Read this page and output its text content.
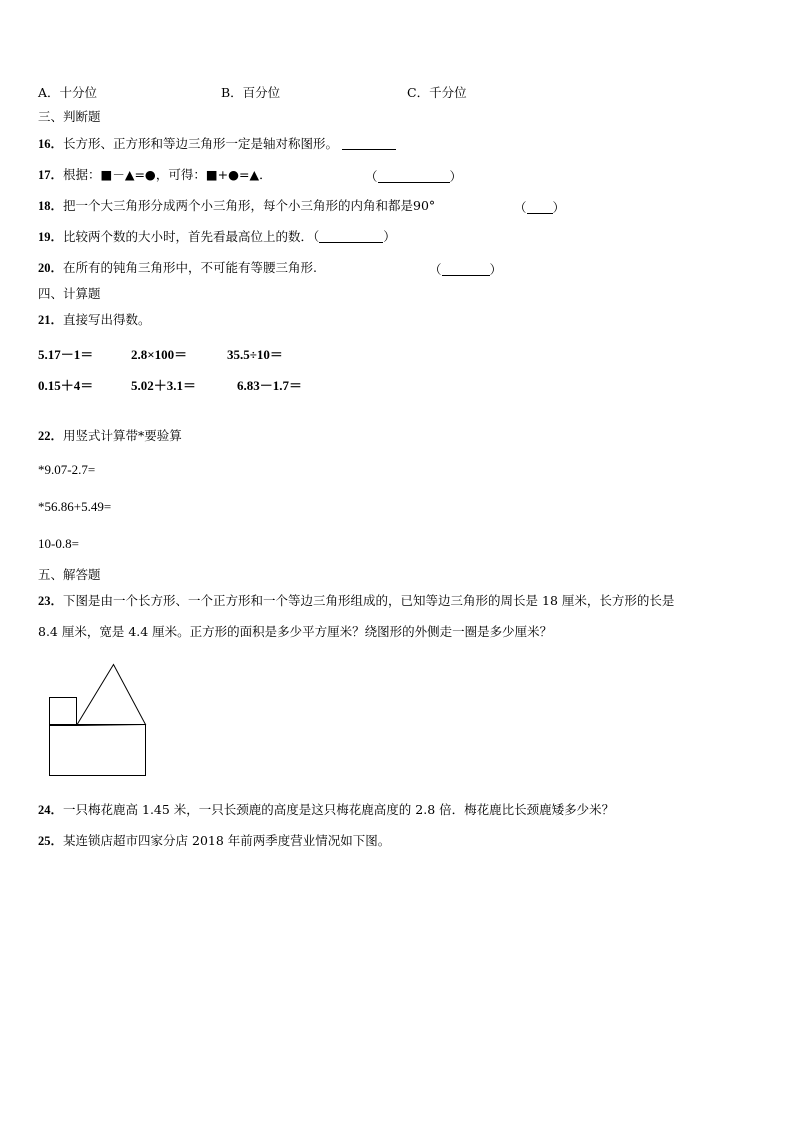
A．十分位	B．百分位	C．千分位
三、判断题
16．长方形、正方形和等边三角形一定是轴对称图形。
17．根据：■－▲=●，可得：■+●=▲．	（	）
18．把一个大三角形分成两个小三角形，每个小三角形的内角和都是90°	（ ）
19．比较两个数的大小时，首先看最高位上的数．（	）
20．在所有的钝角三角形中，不可能有等腰三角形.	（	）
四、计算题
21．直接写出得数。
5.17－1＝	2.8×100＝	35.5÷10＝
0.15＋4＝	5.02＋3.1＝	6.83－1.7＝
22．用竖式计算带*要验算
*9.07-2.7=
*56.86+5.49=
10-0.8=
五、解答题
23．下图是由一个长方形、一个正方形和一个等边三角形组成的，已知等边三角形的周长是 18 厘米，长方形的长是
8.4 厘米，宽是 4.4 厘米。正方形的面积是多少平方厘米？绕图形的外侧走一圈是多少厘米？
24．一只梅花鹿高 1.45 米，一只长颈鹿的高度是这只梅花鹿高度的 2.8 倍．梅花鹿比长颈鹿矮多少米？
25．某连锁店超市四家分店 2018 年前两季度营业情况如下图。
